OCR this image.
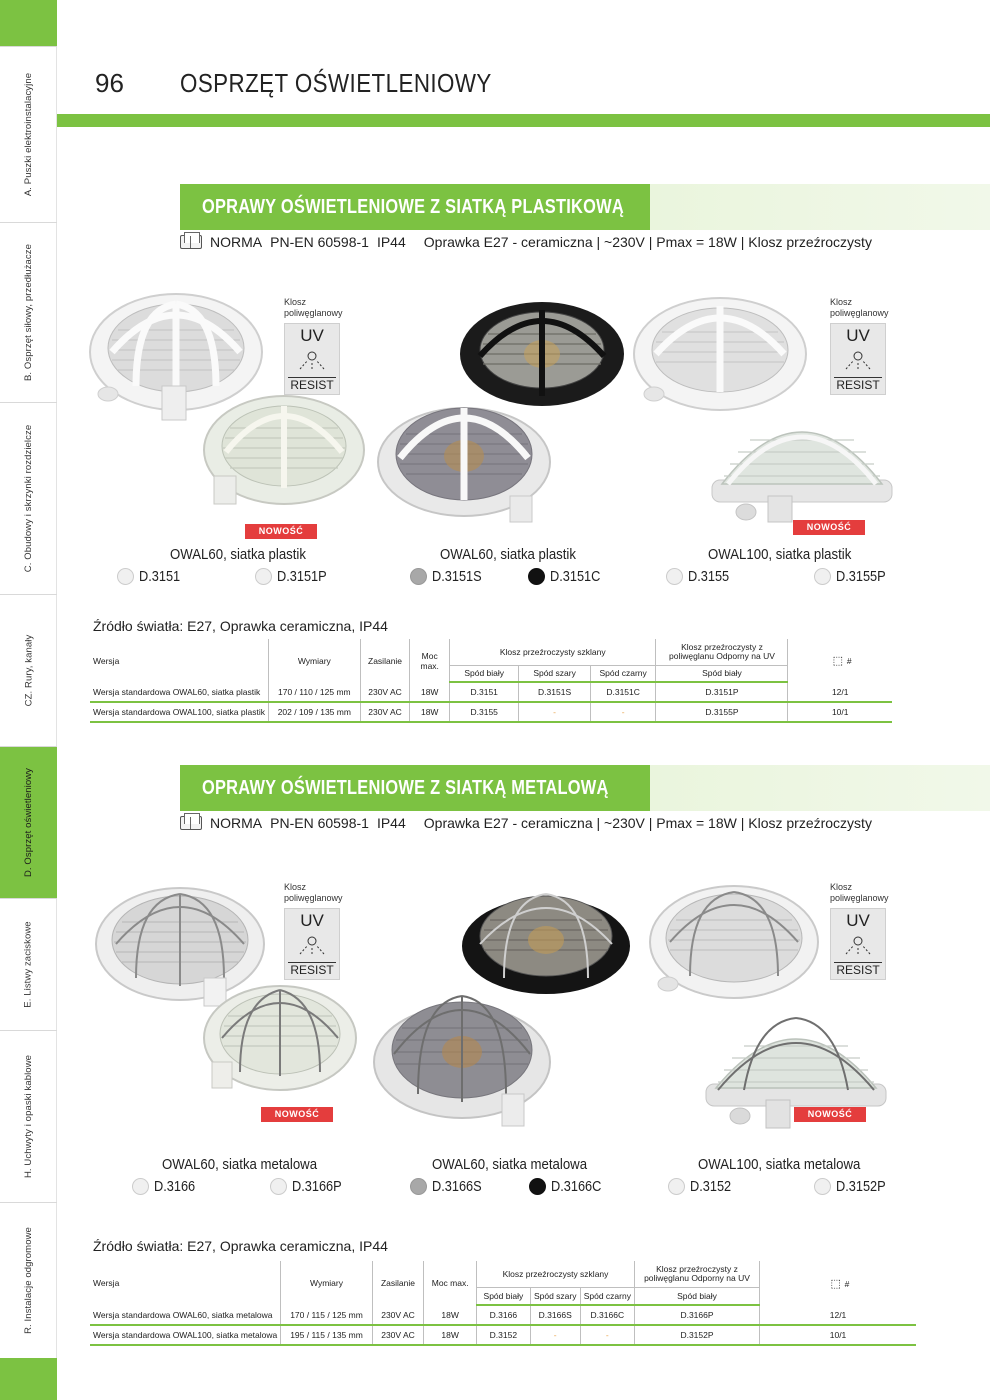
A. Puszki elektroinstalacyjne
B. Osprzęt siłowy, przedłużacze
C. Obudowy i skrzynki rozdzielcze
CZ. Rury, kanały
D. Osprzęt oświetleniowy
E. Listwy zaciskowe
H. Uchwyty i opaski kablowe
R. Instalacje odgromowe
96 OSPRZĘT OŚWIETLENIOWY
OPRAWY OŚWIETLENIOWE Z SIATKĄ PLASTIKOWĄ
NORMA PN-EN 60598-1 IP44 Oprawka E27 - ceramiczna | ~230V | Pmax = 18W | Klosz przeźroczysty
Klosz poliwęglanowy
UV
RESIST
Klosz poliwęglanowy
UV
RESIST
NOWOŚĆ	NOWOŚĆ
OWAL60, siatka plastik	OWAL60, siatka plastik	OWAL100, siatka plastik
D.3151	D.3151P	D.3151S	D.3151C	D.3155	D.3155P
Źródło światła: E27, Oprawka ceramiczna, IP44
Wersja	Wymiary	Zasilanie	Moc max.	Klosz przeźroczysty szklany			Klosz przeźroczysty z poliwęglanu Odporny na UV	⬚ #
				Spód biały	Spód szary	Spód czarny	Spód biały	
Wersja standardowa OWAL60, siatka plastik	170 / 110 / 125 mm	230V AC	18W	D.3151	D.3151S	D.3151C	D.3151P	12/1
Wersja standardowa OWAL100, siatka plastik	202 / 109 / 135 mm	230V AC	18W	D.3155	-	-	D.3155P	10/1
OPRAWY OŚWIETLENIOWE Z SIATKĄ METALOWĄ
NORMA PN-EN 60598-1 IP44 Oprawka E27 - ceramiczna | ~230V | Pmax = 18W | Klosz przeźroczysty
Klosz poliwęglanowy
UV
RESIST
Klosz poliwęglanowy
UV
RESIST
NOWOŚĆ	NOWOŚĆ
OWAL60, siatka metalowa	OWAL60, siatka metalowa	OWAL100, siatka metalowa
D.3166	D.3166P	D.3166S	D.3166C	D.3152	D.3152P
Źródło światła: E27, Oprawka ceramiczna, IP44
Wersja	Wymiary	Zasilanie	Moc max.	Klosz przeźroczysty szklany			Klosz przeźroczysty z poliwęglanu Odporny na UV	⬚ #
				Spód biały	Spód szary	Spód czarny	Spód biały	
Wersja standardowa OWAL60, siatka metalowa	170 / 115 / 125 mm	230V AC	18W	D.3166	D.3166S	D.3166C	D.3166P	12/1
Wersja standardowa OWAL100, siatka metalowa	195 / 115 / 135 mm	230V AC	18W	D.3152	-	-	D.3152P	10/1
